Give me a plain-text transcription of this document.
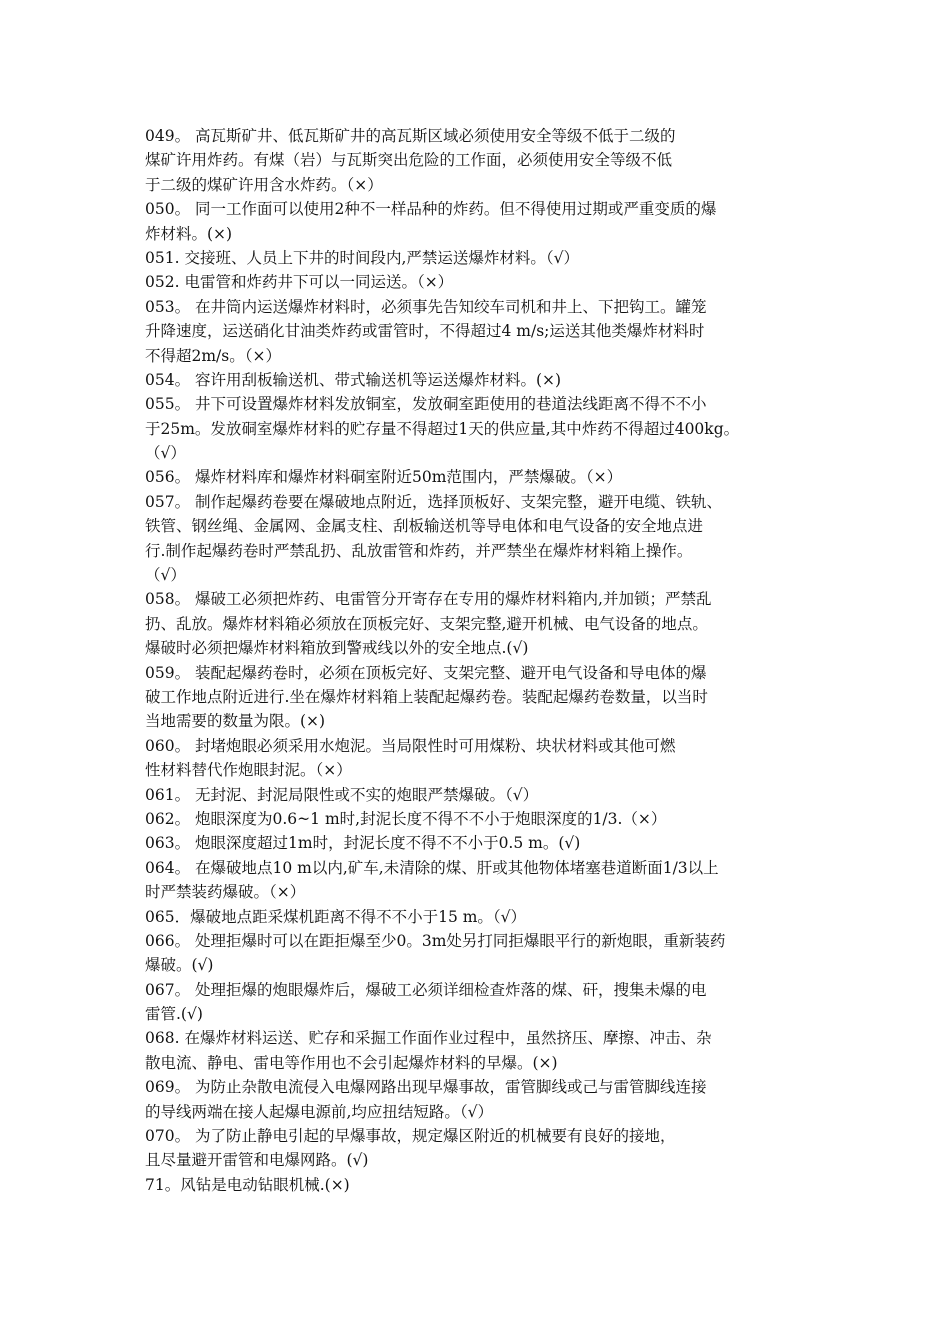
049。 高瓦斯矿井、低瓦斯矿井的高瓦斯区域必须使用安全等级不低于二级的
煤矿许用炸药。有煤（岩）与瓦斯突出危险的工作面，必须使用安全等级不低
于二级的煤矿许用含水炸药。（×）
050。 同一工作面可以使用2种不一样品种的炸药。但不得使用过期或严重变质的爆
炸材料。(×)
051. 交接班、人员上下井的时间段内,严禁运送爆炸材料。（√）
052. 电雷管和炸药井下可以一同运送。（×）
053。 在井筒内运送爆炸材料时，必须事先告知绞车司机和井上、下把钩工。罐笼
升降速度，运送硝化甘油类炸药或雷管时，不得超过4 m/s;运送其他类爆炸材料时
不得超2m/s。（×）
054。 容许用刮板输送机、带式输送机等运送爆炸材料。(×)
055。 井下可设置爆炸材料发放铜室，发放硐室距使用的巷道法线距离不得不不小
于25m。发放硐室爆炸材料的贮存量不得超过1天的供应量,其中炸药不得超过400kg。
（√）
056。 爆炸材料库和爆炸材料硐室附近50m范围内，严禁爆破。（×）
057。 制作起爆药卷要在爆破地点附近，选择顶板好、支架完整，避开电缆、铁轨、
铁管、钢丝绳、金属网、金属支柱、刮板输送机等导电体和电气设备的安全地点进
行.制作起爆药卷时严禁乱扔、乱放雷管和炸药，并严禁坐在爆炸材料箱上操作。
（√）
058。 爆破工必须把炸药、电雷管分开寄存在专用的爆炸材料箱内,并加锁；严禁乱
扔、乱放。爆炸材料箱必须放在顶板完好、支架完整,避开机械、电气设备的地点。
爆破时必须把爆炸材料箱放到警戒线以外的安全地点.(√)
059。 装配起爆药卷时，必须在顶板完好、支架完整、避开电气设备和导电体的爆
破工作地点附近进行.坐在爆炸材料箱上装配起爆药卷。装配起爆药卷数量，以当时
当地需要的数量为限。(×)
060。 封堵炮眼必须采用水炮泥。当局限性时可用煤粉、块状材料或其他可燃
性材料替代作炮眼封泥。（×）
061。 无封泥、封泥局限性或不实的炮眼严禁爆破。（√）
062。 炮眼深度为0.6~1 m时,封泥长度不得不不小于炮眼深度的1/3.（×）
063。 炮眼深度超过1m时，封泥长度不得不不小于0.5 m。(√)
064。 在爆破地点10 m以内,矿车,未清除的煤、肝或其他物体堵塞巷道断面1/3以上
时严禁装药爆破。（×）
065．爆破地点距采煤机距离不得不不小于15 m。（√）
066。 处理拒爆时可以在距拒爆至少0。3m处另打同拒爆眼平行的新炮眼，重新装药
爆破。(√)
067。 处理拒爆的炮眼爆炸后，爆破工必须详细检查炸落的煤、矸，搜集未爆的电
雷管.(√)
068. 在爆炸材料运送、贮存和采掘工作面作业过程中，虽然挤压、摩擦、冲击、杂
散电流、静电、雷电等作用也不会引起爆炸材料的早爆。(×)
069。 为防止杂散电流侵入电爆网路出现早爆事故，雷管脚线或己与雷管脚线连接
的导线两端在接人起爆电源前,均应扭结短路。（√）
070。 为了防止静电引起的早爆事故，规定爆区附近的机械要有良好的接地，
且尽量避开雷管和电爆网路。(√)
71。风钻是电动钻眼机械.(×)
